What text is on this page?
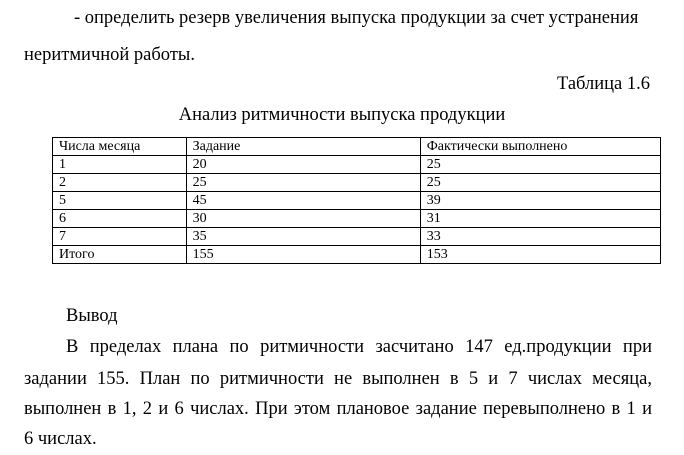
- определить резерв увеличения выпуска продукции за счет устранения
неритмичной работы.
Таблица 1.6
Анализ ритмичности выпуска продукции
Числа месяца	Задание	Фактически выполнено
1	20	25
2	25	25
5	45	39
6	30	31
7	35	33
Итого	155	153
Вывод
В пределах плана по ритмичности засчитано 147 ед.продукции при
задании 155. План по ритмичности не выполнен в 5 и 7 числах месяца,
выполнен в 1, 2 и 6 числах. При этом плановое задание перевыполнено в 1 и
6 числах.
